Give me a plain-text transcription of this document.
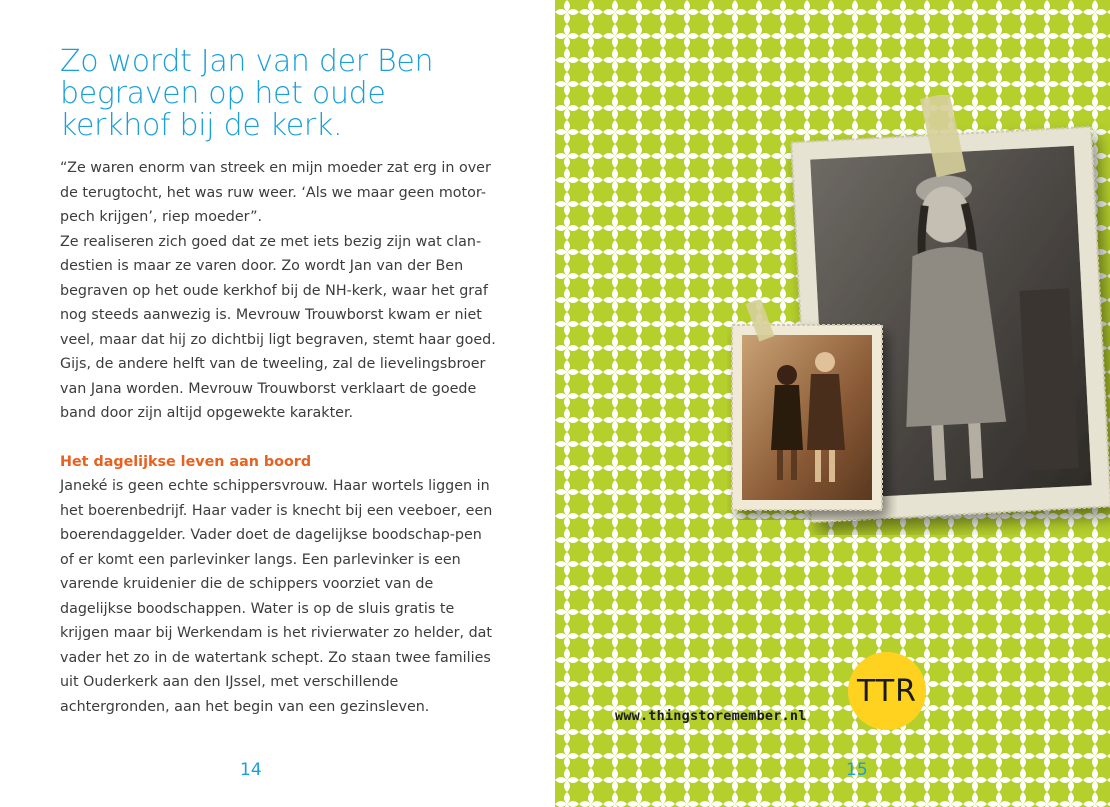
Zo wordt Jan van der Ben begraven op het oude kerkhof bij de kerk.

“Ze waren enorm van streek en mijn moeder zat erg in over de terugtocht, het was ruw weer. ‘Als we maar geen motor-pech krijgen’, riep moeder”.

Ze realiseren zich goed dat ze met iets bezig zijn wat clan-destien is maar ze varen door. Zo wordt Jan van der Ben begraven op het oude kerkhof bij de NH-kerk, waar het graf nog steeds aanwezig is. Mevrouw Trouwborst kwam er niet veel, maar dat hij zo dichtbij ligt begraven, stemt haar goed. Gijs, de andere helft van de tweeling, zal de lievelingsbroer van Jana worden. Mevrouw Trouwborst verklaart de goede band door zijn altijd opgewekte karakter.

Het dagelijkse leven aan boord

Janeké is geen echte schippersvrouw. Haar wortels liggen in het boerenbedrijf. Haar vader is knecht bij een veeboer, een boerendaggelder. Vader doet de dagelijkse boodschap-pen of er komt een parlevinker langs. Een parlevinker is een varende kruidenier die de schippers voorziet van de dagelijkse boodschappen. Water is op de sluis gratis te krijgen maar bij Werkendam is het rivierwater zo helder, dat vader het zo in de watertank schept. Zo staan twee families uit Ouderkerk aan den IJssel, met verschillende achtergronden, aan het begin van een gezinsleven.

14
www.thingstoremember.nl
TTR
15
